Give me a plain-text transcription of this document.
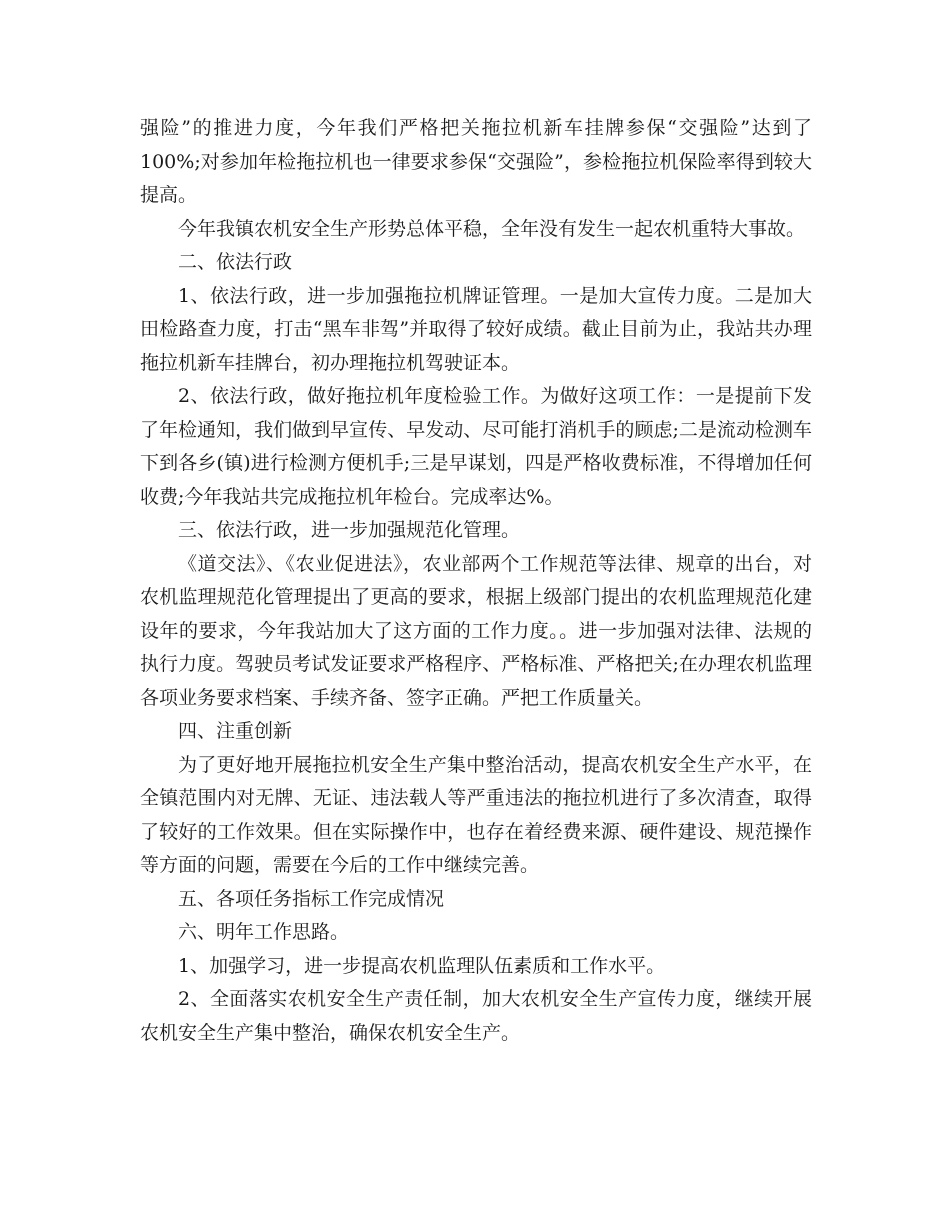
强险”的推进力度，今年我们严格把关拖拉机新车挂牌参保“交强险”达到了100%;对参加年检拖拉机也一律要求参保“交强险”，参检拖拉机保险率得到较大提高。

今年我镇农机安全生产形势总体平稳，全年没有发生一起农机重特大事故。

二、依法行政

1、依法行政，进一步加强拖拉机牌证管理。一是加大宣传力度。二是加大田检路查力度，打击“黑车非驾”并取得了较好成绩。截止目前为止，我站共办理拖拉机新车挂牌台，初办理拖拉机驾驶证本。

2、依法行政，做好拖拉机年度检验工作。为做好这项工作：一是提前下发了年检通知，我们做到早宣传、早发动、尽可能打消机手的顾虑;二是流动检测车下到各乡(镇)进行检测方便机手;三是早谋划，四是严格收费标准，不得增加任何收费;今年我站共完成拖拉机年检台。完成率达%。

三、依法行政，进一步加强规范化管理。

《道交法》、《农业促进法》，农业部两个工作规范等法律、规章的出台，对农机监理规范化管理提出了更高的要求，根据上级部门提出的农机监理规范化建设年的要求，今年我站加大了这方面的工作力度。。进一步加强对法律、法规的执行力度。驾驶员考试发证要求严格程序、严格标准、严格把关;在办理农机监理各项业务要求档案、手续齐备、签字正确。严把工作质量关。

四、注重创新

为了更好地开展拖拉机安全生产集中整治活动，提高农机安全生产水平，在全镇范围内对无牌、无证、违法载人等严重违法的拖拉机进行了多次清查，取得了较好的工作效果。但在实际操作中，也存在着经费来源、硬件建设、规范操作等方面的问题，需要在今后的工作中继续完善。

五、各项任务指标工作完成情况

六、明年工作思路。

1、加强学习，进一步提高农机监理队伍素质和工作水平。

2、全面落实农机安全生产责任制，加大农机安全生产宣传力度，继续开展农机安全生产集中整治，确保农机安全生产。
